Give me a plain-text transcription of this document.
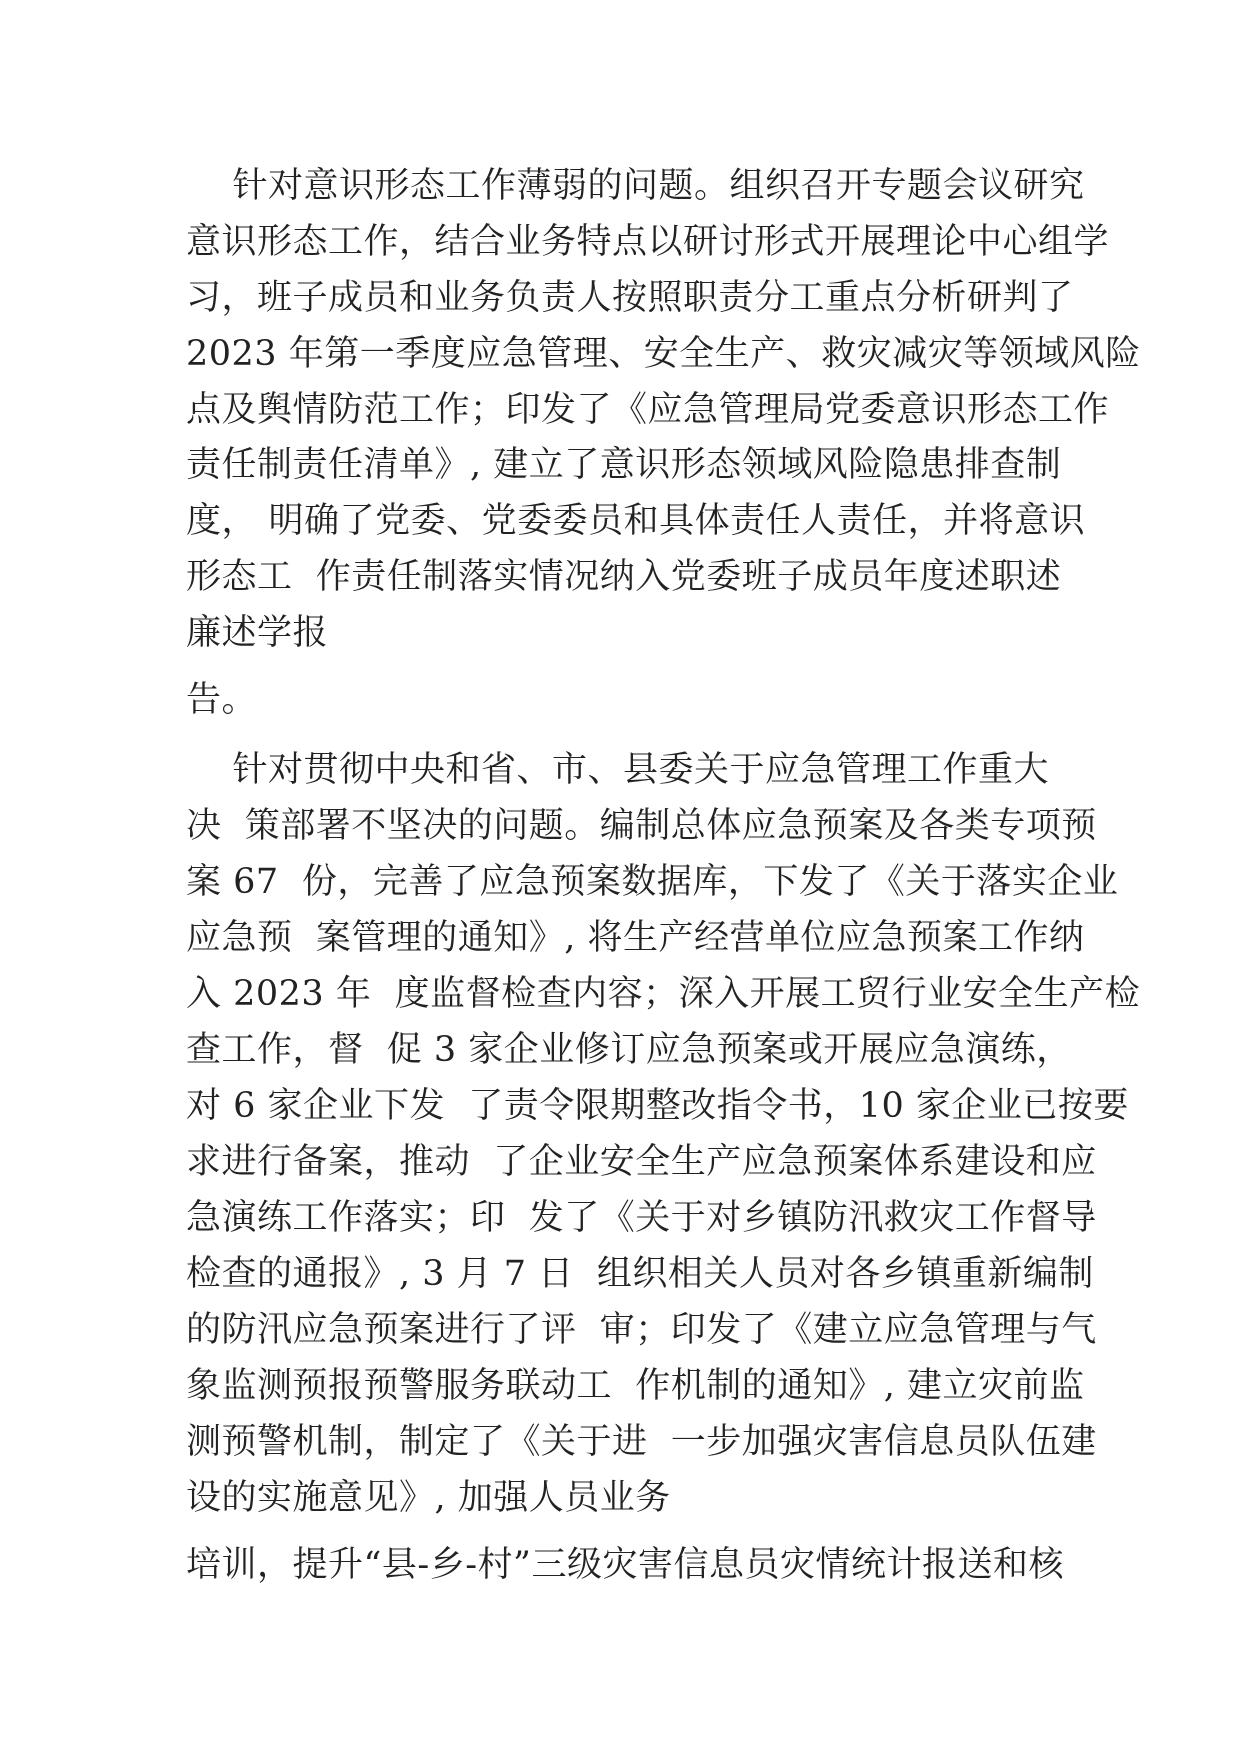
针对意识形态工作薄弱的问题。组织召开专题会议研究
意识形态工作，结合业务特点以研讨形式开展理论中心组学
习，班子成员和业务负责人按照职责分工重点分析研判了
2023 年第一季度应急管理、安全生产、救灾减灾等领域风险
点及舆情防范工作；印发了《应急管理局党委意识形态工作
责任制责任清单》, 建立了意识形态领域风险隐患排查制
度， 明确了党委、党委委员和具体责任人责任，并将意识
形态工  作责任制落实情况纳入党委班子成员年度述职述
廉述学报
告。
针对贯彻中央和省、市、县委关于应急管理工作重大
决  策部署不坚决的问题。编制总体应急预案及各类专项预
案 67  份，完善了应急预案数据库，下发了《关于落实企业
应急预  案管理的通知》, 将生产经营单位应急预案工作纳
入 2023 年  度监督检查内容；深入开展工贸行业安全生产检
查工作，督  促 3 家企业修订应急预案或开展应急演练，
对 6 家企业下发  了责令限期整改指令书，10 家企业已按要
求进行备案，推动  了企业安全生产应急预案体系建设和应
急演练工作落实；印  发了《关于对乡镇防汛救灾工作督导
检查的通报》, 3 月 7 日  组织相关人员对各乡镇重新编制
的防汛应急预案进行了评  审；印发了《建立应急管理与气
象监测预报预警服务联动工  作机制的通知》, 建立灾前监
测预警机制，制定了《关于进  一步加强灾害信息员队伍建
设的实施意见》, 加强人员业务
培训，提升“县-乡-村”三级灾害信息员灾情统计报送和核
